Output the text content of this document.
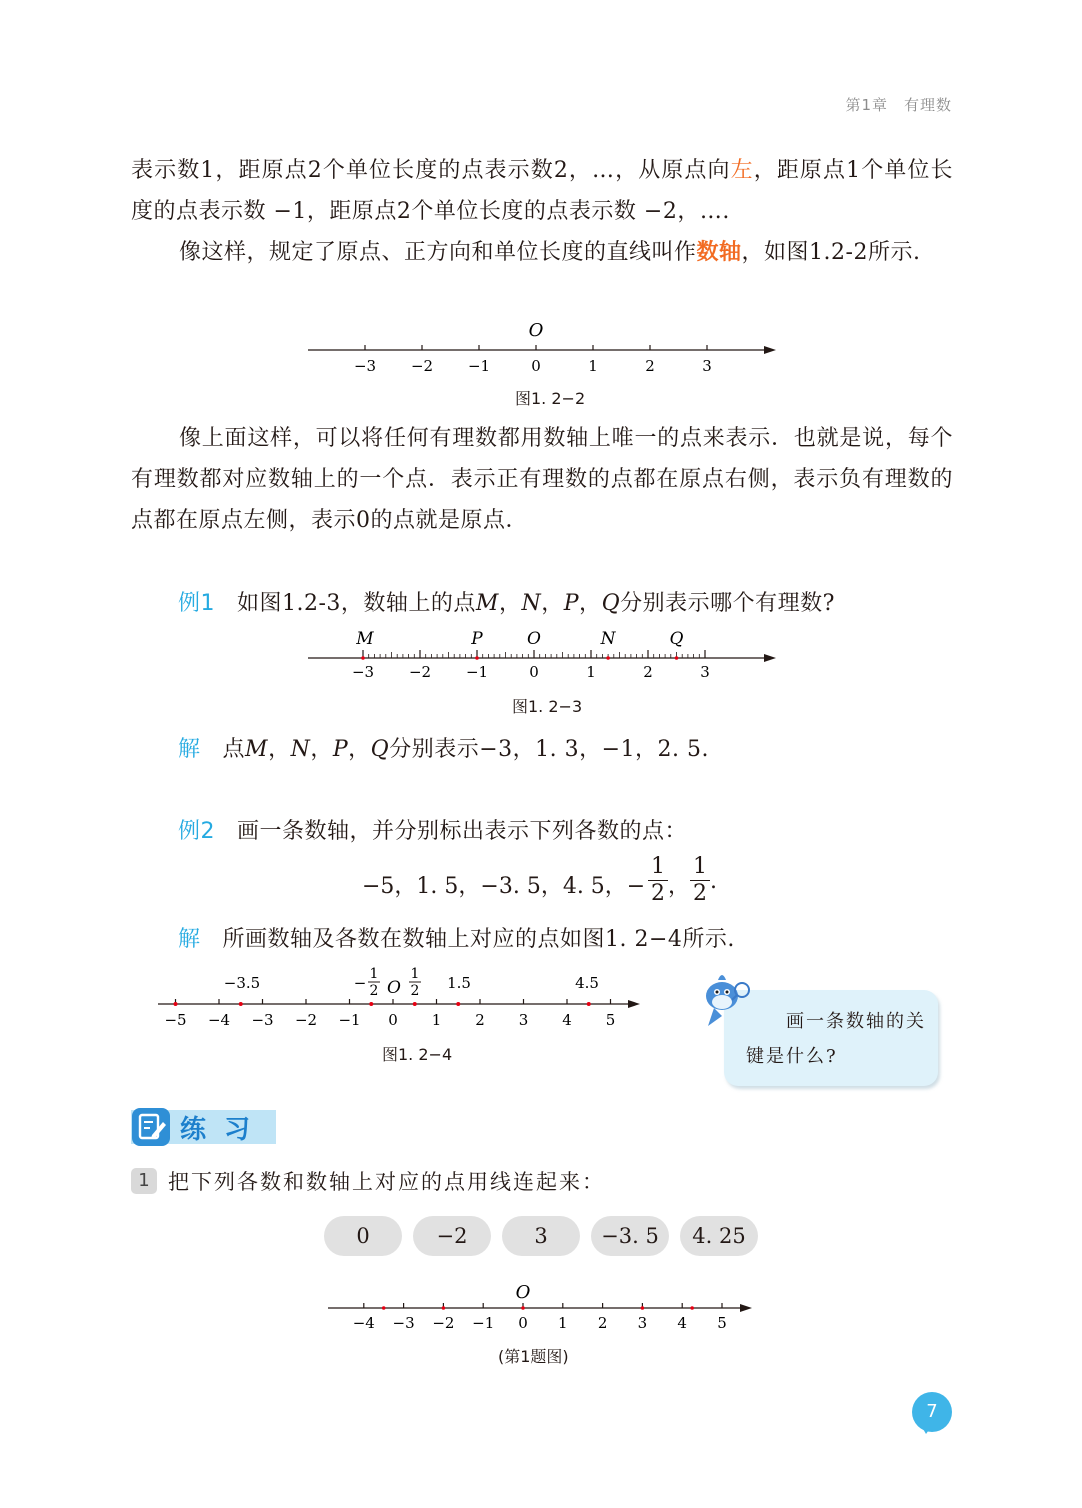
第1章 有理数
表示数1，距原点2个单位长度的点表示数2，…，从原点向左，距原点1个单位长度的点表示数 −1，距原点2个单位长度的点表示数 −2，….
像这样，规定了原点、正方向和单位长度的直线叫作数轴，如图1.2-2所示.
O
−3 −2 −1	0	1	2	3
图1. 2−2
像上面这样，可以将任何有理数都用数轴上唯一的点来表示．也就是说，每个有理数都对应数轴上的一个点．表示正有理数的点都在原点右侧，表示负有理数的点都在原点左侧，表示0的点就是原点．
例1 如图1.2-3，数轴上的点M，N，P，Q分别表示哪个有理数?
M	P	O	N	Q
−3 −2 −1	0	1	2	3
图1. 2−3
解 点M，N，P，Q分别表示−3，1. 3，−1，2. 5.
例2 画一条数轴，并分别标出表示下列各数的点：
−5，1. 5，−3. 5，4. 5，− $\frac{1}{2}$ ， $\frac{1}{2}$ .
解 所画数轴及各数在数轴上对应的点如图1. 2−4所示.
−3.5	− 1
2 O
1
2 1.5	4.5
−5 −4 −3 −2 −1 0 1 2 3 4 5
图1. 2−4
画一条数轴的关键是什么?
练习
1 把下列各数和数轴上对应的点用线连起来：
0	−2	3	−3. 5	4. 25
O
−4 −3 −2 −1 0 1 2 3 4 5
(第1题图)
7
